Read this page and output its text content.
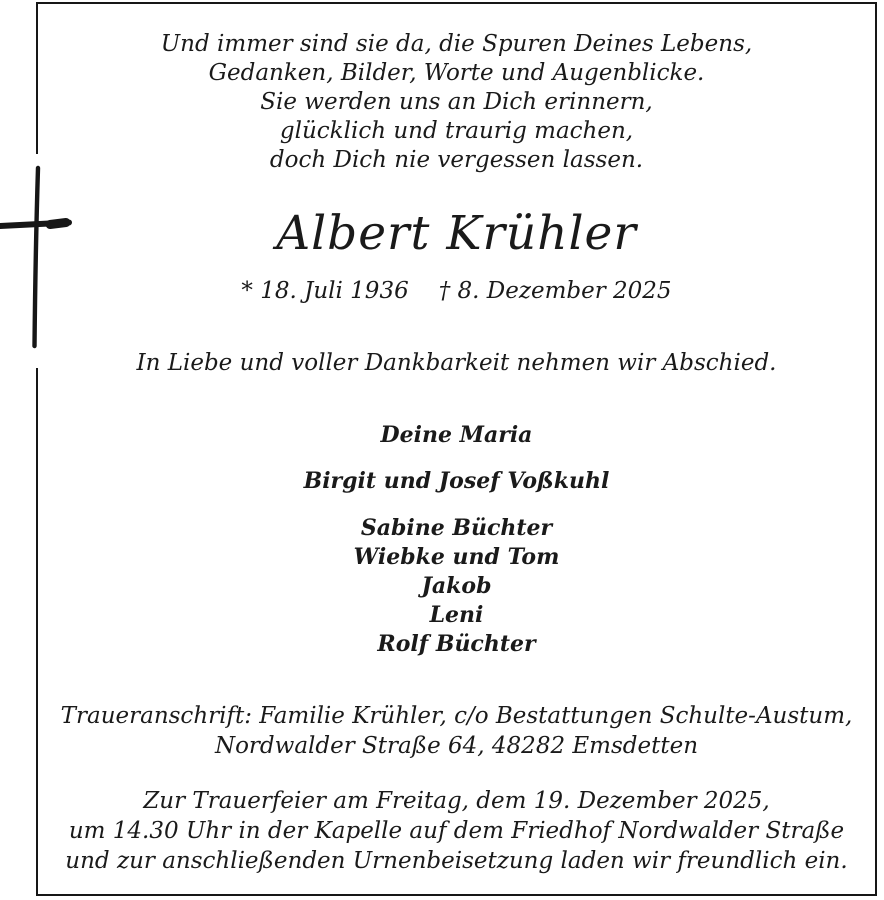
Und immer sind sie da, die Spuren Deines Lebens,
Gedanken, Bilder, Worte und Augenblicke.
Sie werden uns an Dich erinnern,
glücklich und traurig machen,
doch Dich nie vergessen lassen.
Albert Krühler
* 18. Juli 1936 † 8. Dezember 2025
In Liebe und voller Dankbarkeit nehmen wir Abschied.
Deine Maria
Birgit und Josef Voßkuhl
Sabine Büchter
Wiebke und Tom
Jakob
Leni
Rolf Büchter
Traueranschrift: Familie Krühler, c/o Bestattungen Schulte-Austum,
Nordwalder Straße 64, 48282 Emsdetten
Zur Trauerfeier am Freitag, dem 19. Dezember 2025,
um 14.30 Uhr in der Kapelle auf dem Friedhof Nordwalder Straße
und zur anschließenden Urnenbeisetzung laden wir freundlich ein.
